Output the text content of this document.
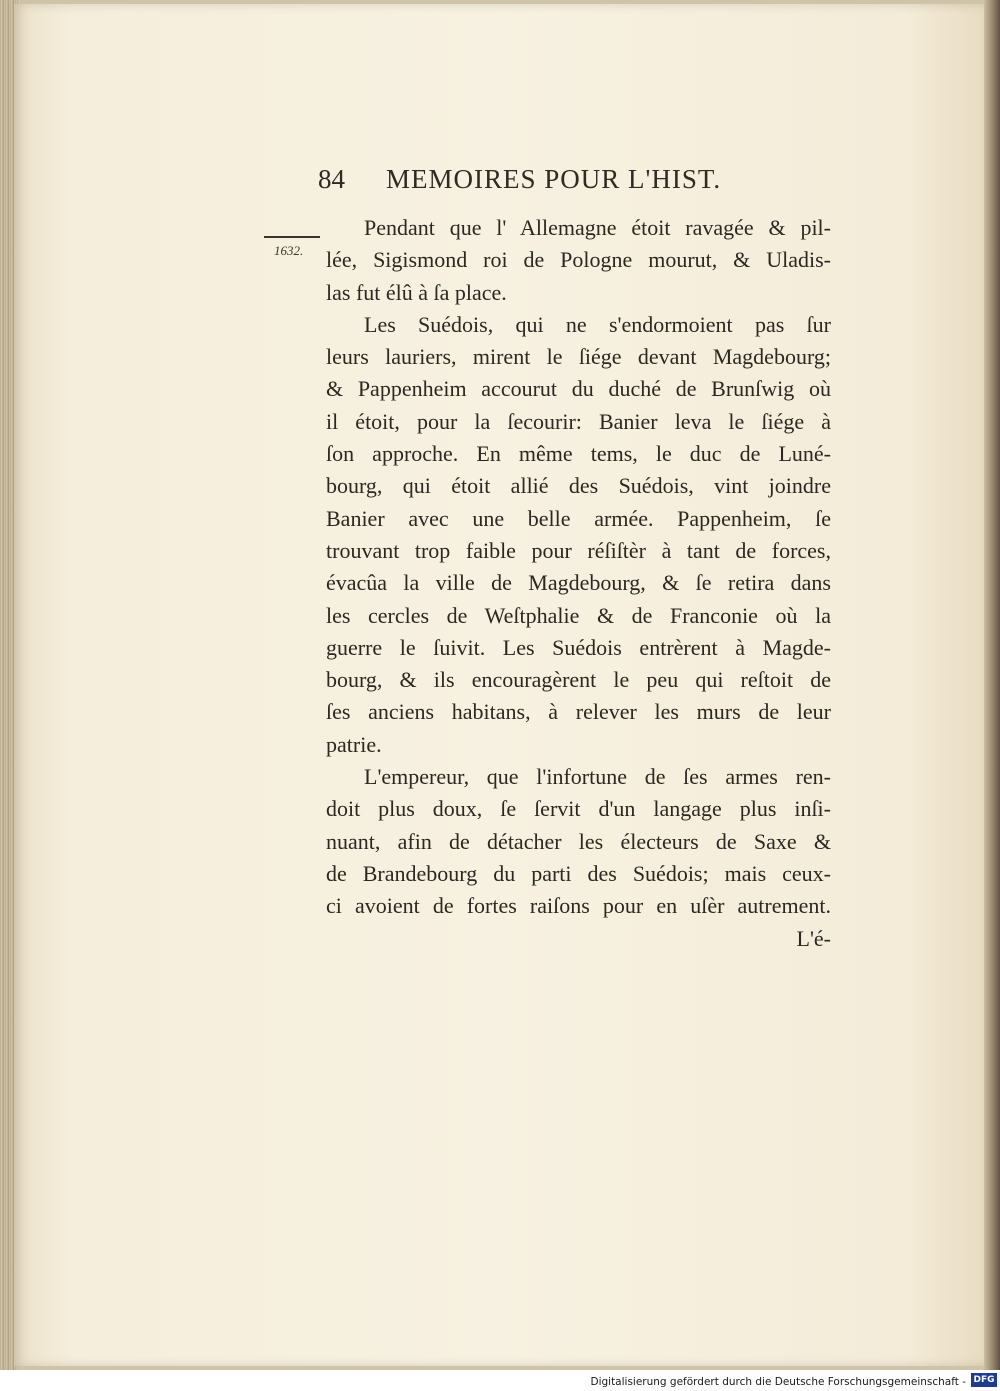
84 MEMOIRES POUR L'HIST.
1632.
Pendant que l' Allemagne étoit ravagée & pil-
lée, Sigismond roi de Pologne mourut, & Uladis-
las fut élû à ſa place.
Les Suédois, qui ne s'endormoient pas ſur
leurs lauriers, mirent le ſiége devant Magdebourg;
& Pappenheim accourut du duché de Brunſwig où
il étoit, pour la ſecourir: Banier leva le ſiége à
ſon approche. En même tems, le duc de Luné-
bourg, qui étoit allié des Suédois, vint joindre
Banier avec une belle armée. Pappenheim, ſe
trouvant trop faible pour réſiſtèr à tant de forces,
évacûa la ville de Magdebourg, & ſe retira dans
les cercles de Weſtphalie & de Franconie où la
guerre le ſuivit. Les Suédois entrèrent à Magde-
bourg, & ils encouragèrent le peu qui reſtoit de
ſes anciens habitans, à relever les murs de leur
patrie.
L'empereur, que l'infortune de ſes armes ren-
doit plus doux, ſe ſervit d'un langage plus inſi-
nuant, afin de détacher les électeurs de Saxe &
de Brandebourg du parti des Suédois; mais ceux-
ci avoient de fortes raiſons pour en uſèr autrement.
L'é-
Digitalisierung gefördert durch die Deutsche Forschungsgemeinschaft - DFG
